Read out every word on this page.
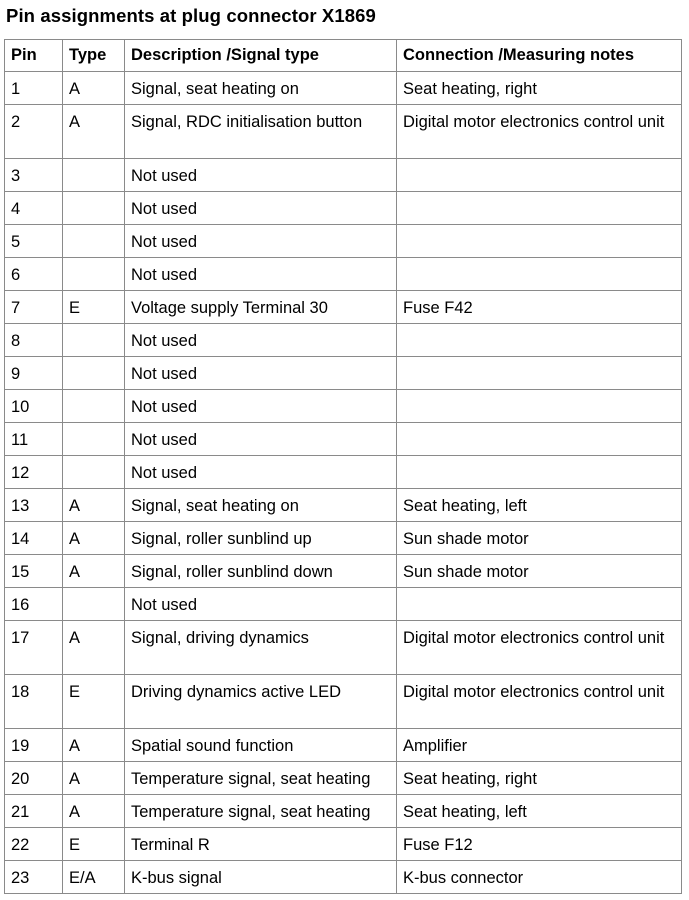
Pin assignments at plug connector X1869
Pin	Type	Description /Signal type	Connection /Measuring notes
1	A	Signal, seat heating on	Seat heating, right
2	A	Signal, RDC initialisation button	Digital motor electronics control unit
3		Not used	
4		Not used	
5		Not used	
6		Not used	
7	E	Voltage supply Terminal 30	Fuse F42
8		Not used	
9		Not used	
10		Not used	
11		Not used	
12		Not used	
13	A	Signal, seat heating on	Seat heating, left
14	A	Signal, roller sunblind up	Sun shade motor
15	A	Signal, roller sunblind down	Sun shade motor
16		Not used	
17	A	Signal, driving dynamics	Digital motor electronics control unit
18	E	Driving dynamics active LED	Digital motor electronics control unit
19	A	Spatial sound function	Amplifier
20	A	Temperature signal, seat heating	Seat heating, right
21	A	Temperature signal, seat heating	Seat heating, left
22	E	Terminal R	Fuse F12
23	E/A	K-bus signal	K-bus connector
